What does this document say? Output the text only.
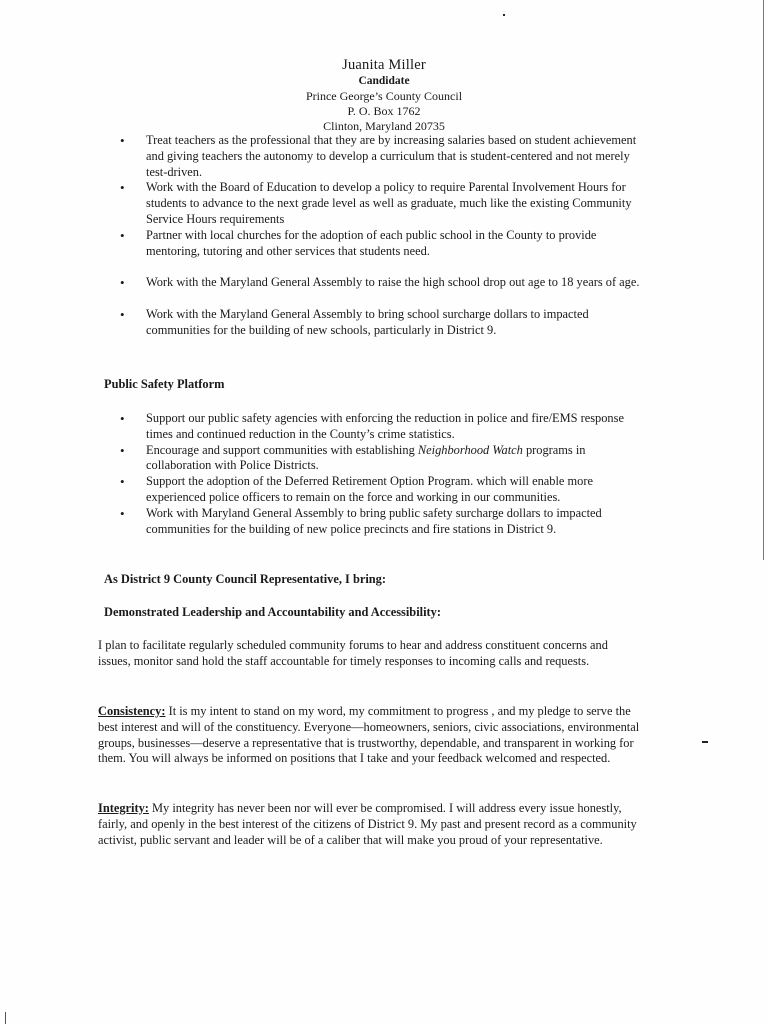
Juanita Miller
Candidate
Prince George’s County Council
P. O. Box 1762
Clinton, Maryland 20735
• Treat teachers as the professional that they are by increasing salaries based on student achievement and giving teachers the autonomy to develop a curriculum that is student-centered and not merely test-driven.
• Work with the Board of Education to develop a policy to require Parental Involvement Hours for students to advance to the next grade level as well as graduate, much like the existing Community Service Hours requirements
• Partner with local churches for the adoption of each public school in the County to provide mentoring, tutoring and other services that students need.
• Work with the Maryland General Assembly to raise the high school drop out age to 18 years of age.
• Work with the Maryland General Assembly to bring school surcharge dollars to impacted communities for the building of new schools, particularly in District 9.
Public Safety Platform
• Support our public safety agencies with enforcing the reduction in police and fire/EMS response times and continued reduction in the County’s crime statistics.
• Encourage and support communities with establishing Neighborhood Watch programs in collaboration with Police Districts.
• Support the adoption of the Deferred Retirement Option Program. which will enable more experienced police officers to remain on the force and working in our communities.
• Work with Maryland General Assembly to bring public safety surcharge dollars to impacted communities for the building of new police precincts and fire stations in District 9.
As District 9 County Council Representative, I bring:
Demonstrated Leadership and Accountability and Accessibility:

I plan to facilitate regularly scheduled community forums to hear and address constituent concerns and issues, monitor sand hold the staff accountable for timely responses to incoming calls and requests.

Consistency: It is my intent to stand on my word, my commitment to progress , and my pledge to serve the best interest and will of the constituency. Everyone—homeowners, seniors, civic associations, environmental groups, businesses—deserve a representative that is trustworthy, dependable, and transparent in working for them. You will always be informed on positions that I take and your feedback welcomed and respected.

Integrity: My integrity has never been nor will ever be compromised. I will address every issue honestly, fairly, and openly in the best interest of the citizens of District 9. My past and present record as a community activist, public servant and leader will be of a caliber that will make you proud of your representative.
